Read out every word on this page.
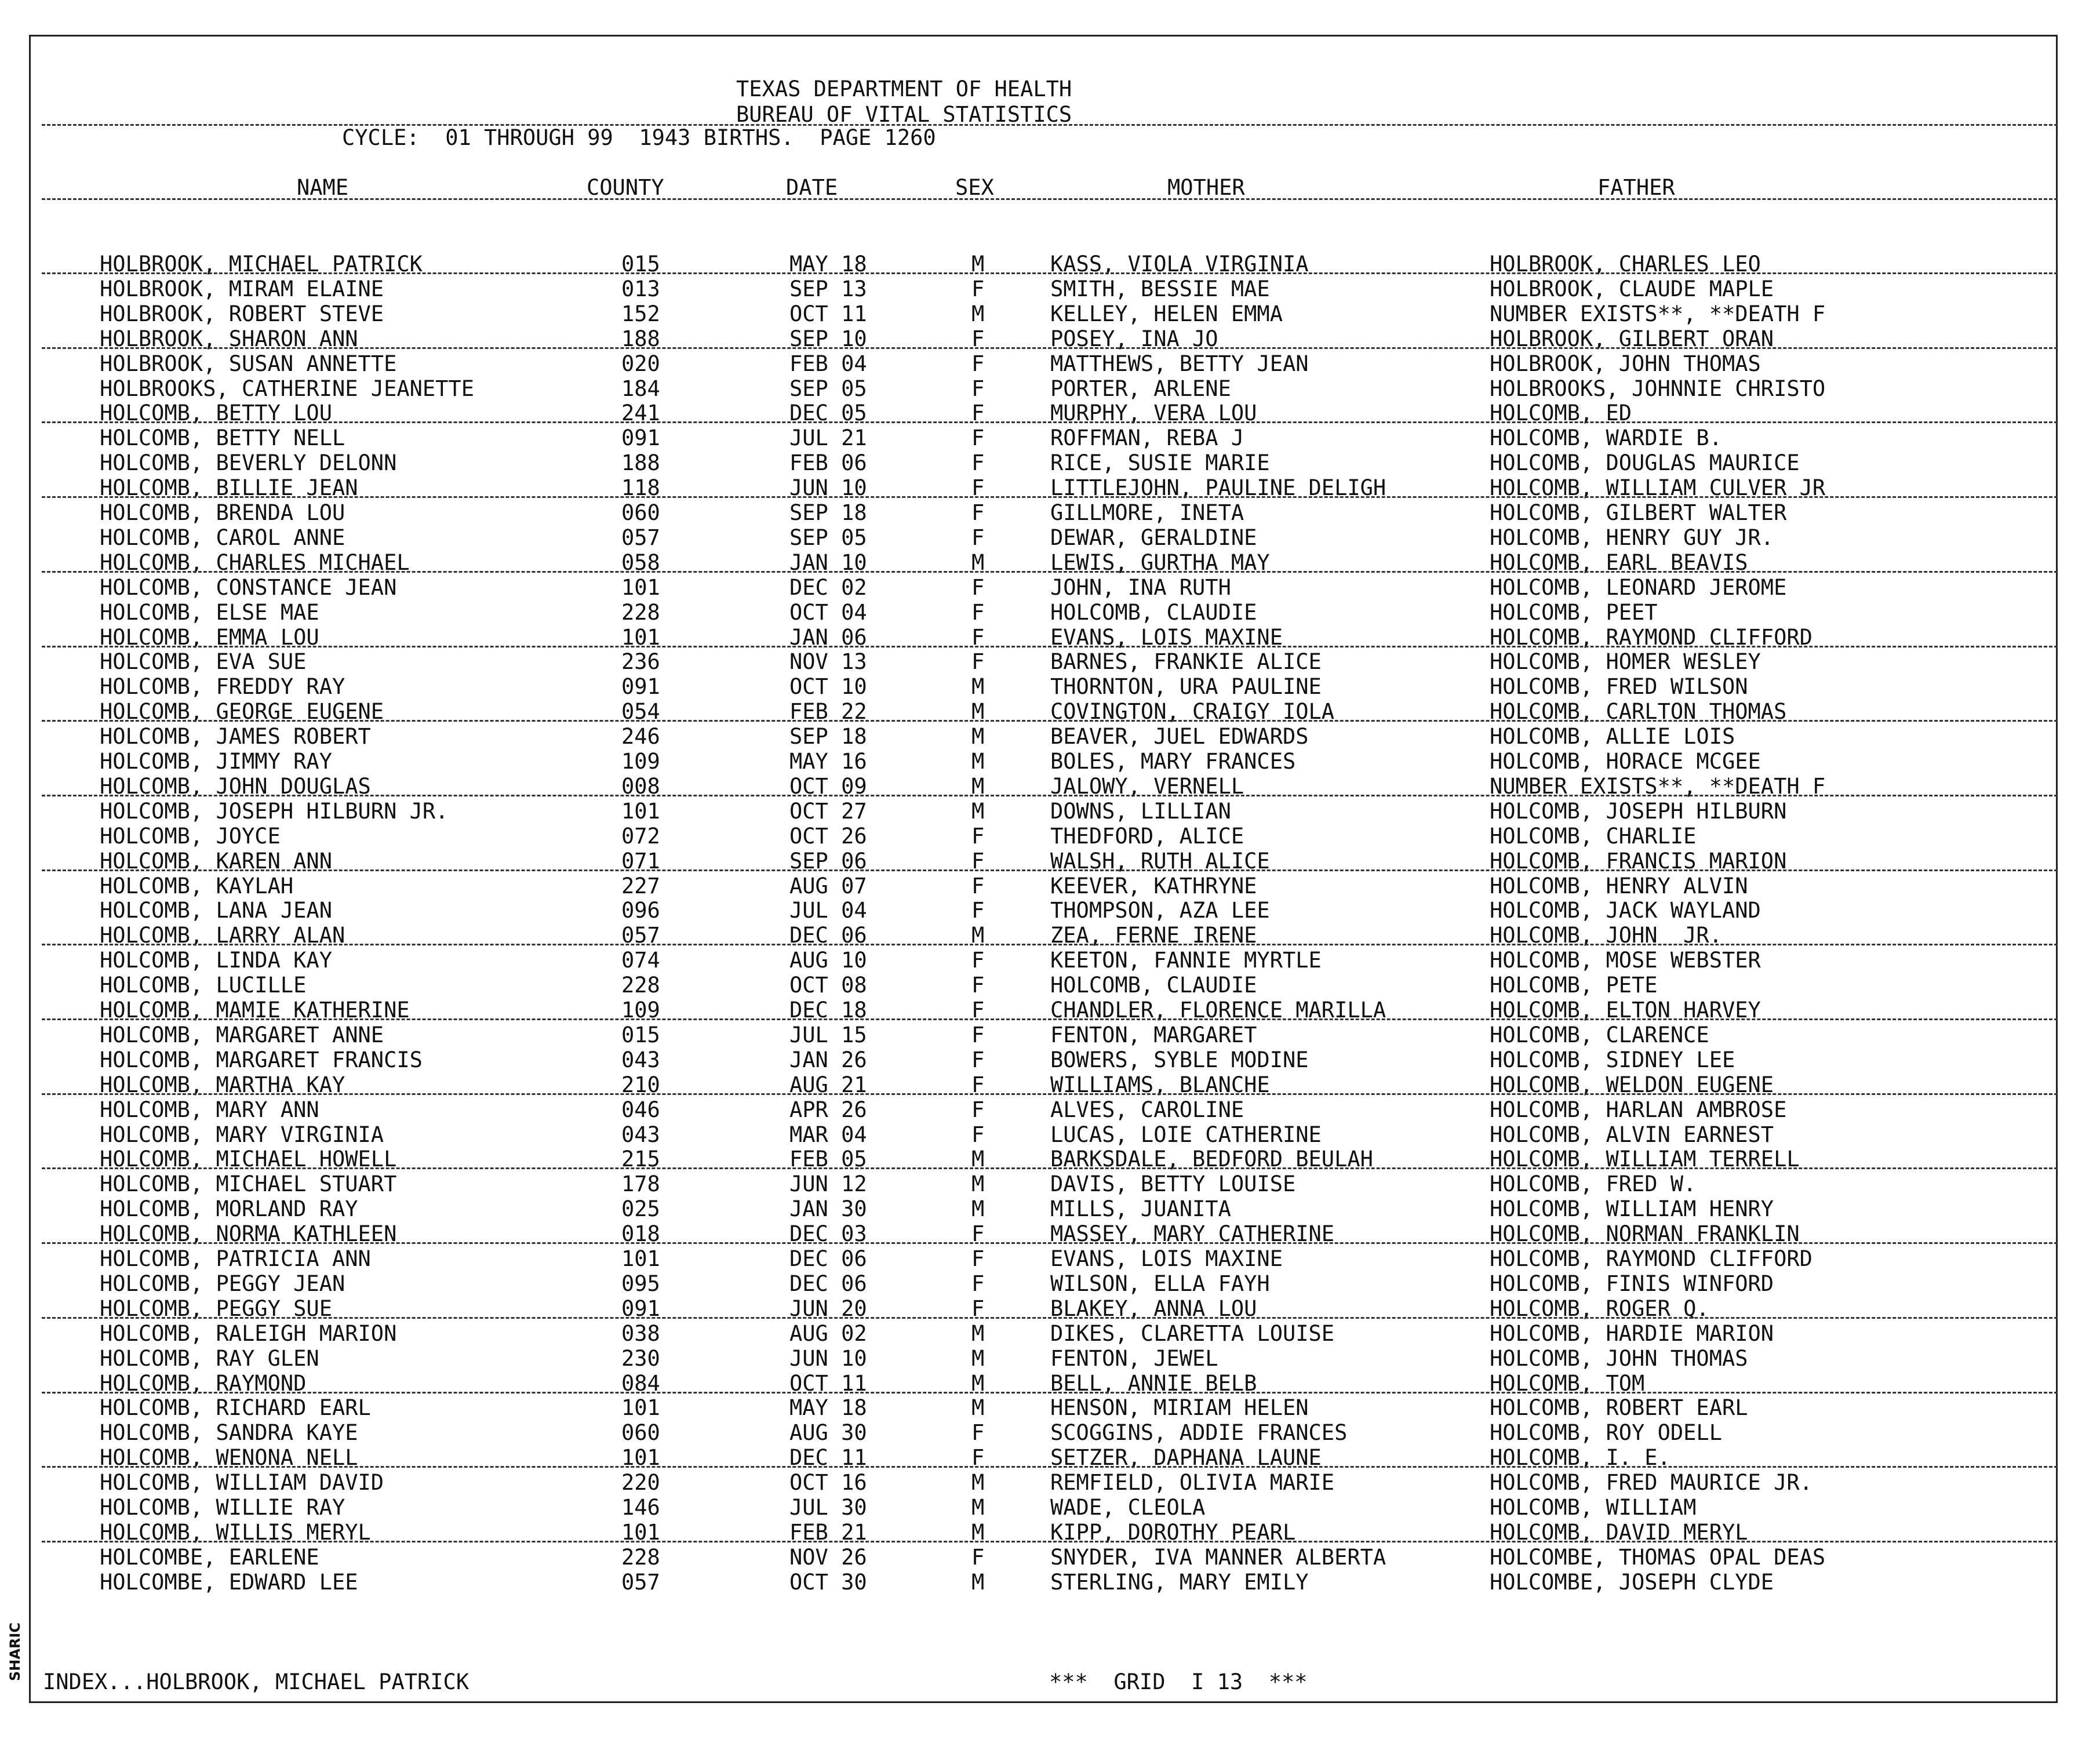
TEXAS DEPARTMENT OF HEALTH
BUREAU OF VITAL STATISTICS
CYCLE:  01 THROUGH 99  1943 BIRTHS.  PAGE 1260
NAME	COUNTY	DATE	SEX	MOTHER	FATHER
HOLBROOK, MICHAEL PATRICK	015	MAY 18	M	KASS, VIOLA VIRGINIA	HOLBROOK, CHARLES LEO
HOLBROOK, MIRAM ELAINE	013	SEP 13	F	SMITH, BESSIE MAE	HOLBROOK, CLAUDE MAPLE
HOLBROOK, ROBERT STEVE	152	OCT 11	M	KELLEY, HELEN EMMA	NUMBER EXISTS**, **DEATH F
HOLBROOK, SHARON ANN	188	SEP 10	F	POSEY, INA JO	HOLBROOK, GILBERT ORAN
HOLBROOK, SUSAN ANNETTE	020	FEB 04	F	MATTHEWS, BETTY JEAN	HOLBROOK, JOHN THOMAS
HOLBROOKS, CATHERINE JEANETTE	184	SEP 05	F	PORTER, ARLENE	HOLBROOKS, JOHNNIE CHRISTO
HOLCOMB, BETTY LOU	241	DEC 05	F	MURPHY, VERA LOU	HOLCOMB, ED
HOLCOMB, BETTY NELL	091	JUL 21	F	ROFFMAN, REBA J	HOLCOMB, WARDIE B.
HOLCOMB, BEVERLY DELONN	188	FEB 06	F	RICE, SUSIE MARIE	HOLCOMB, DOUGLAS MAURICE
HOLCOMB, BILLIE JEAN	118	JUN 10	F	LITTLEJOHN, PAULINE DELIGH	HOLCOMB, WILLIAM CULVER JR
HOLCOMB, BRENDA LOU	060	SEP 18	F	GILLMORE, INETA	HOLCOMB, GILBERT WALTER
HOLCOMB, CAROL ANNE	057	SEP 05	F	DEWAR, GERALDINE	HOLCOMB, HENRY GUY JR.
HOLCOMB, CHARLES MICHAEL	058	JAN 10	M	LEWIS, GURTHA MAY	HOLCOMB, EARL BEAVIS
HOLCOMB, CONSTANCE JEAN	101	DEC 02	F	JOHN, INA RUTH	HOLCOMB, LEONARD JEROME
HOLCOMB, ELSE MAE	228	OCT 04	F	HOLCOMB, CLAUDIE	HOLCOMB, PEET
HOLCOMB, EMMA LOU	101	JAN 06	F	EVANS, LOIS MAXINE	HOLCOMB, RAYMOND CLIFFORD
HOLCOMB, EVA SUE	236	NOV 13	F	BARNES, FRANKIE ALICE	HOLCOMB, HOMER WESLEY
HOLCOMB, FREDDY RAY	091	OCT 10	M	THORNTON, URA PAULINE	HOLCOMB, FRED WILSON
HOLCOMB, GEORGE EUGENE	054	FEB 22	M	COVINGTON, CRAIGY IOLA	HOLCOMB, CARLTON THOMAS
HOLCOMB, JAMES ROBERT	246	SEP 18	M	BEAVER, JUEL EDWARDS	HOLCOMB, ALLIE LOIS
HOLCOMB, JIMMY RAY	109	MAY 16	M	BOLES, MARY FRANCES	HOLCOMB, HORACE MCGEE
HOLCOMB, JOHN DOUGLAS	008	OCT 09	M	JALOWY, VERNELL	NUMBER EXISTS**, **DEATH F
HOLCOMB, JOSEPH HILBURN JR.	101	OCT 27	M	DOWNS, LILLIAN	HOLCOMB, JOSEPH HILBURN
HOLCOMB, JOYCE	072	OCT 26	F	THEDFORD, ALICE	HOLCOMB, CHARLIE
HOLCOMB, KAREN ANN	071	SEP 06	F	WALSH, RUTH ALICE	HOLCOMB, FRANCIS MARION
HOLCOMB, KAYLAH	227	AUG 07	F	KEEVER, KATHRYNE	HOLCOMB, HENRY ALVIN
HOLCOMB, LANA JEAN	096	JUL 04	F	THOMPSON, AZA LEE	HOLCOMB, JACK WAYLAND
HOLCOMB, LARRY ALAN	057	DEC 06	M	ZEA, FERNE IRENE	HOLCOMB, JOHN  JR.
HOLCOMB, LINDA KAY	074	AUG 10	F	KEETON, FANNIE MYRTLE	HOLCOMB, MOSE WEBSTER
HOLCOMB, LUCILLE	228	OCT 08	F	HOLCOMB, CLAUDIE	HOLCOMB, PETE
HOLCOMB, MAMIE KATHERINE	109	DEC 18	F	CHANDLER, FLORENCE MARILLA	HOLCOMB, ELTON HARVEY
HOLCOMB, MARGARET ANNE	015	JUL 15	F	FENTON, MARGARET	HOLCOMB, CLARENCE
HOLCOMB, MARGARET FRANCIS	043	JAN 26	F	BOWERS, SYBLE MODINE	HOLCOMB, SIDNEY LEE
HOLCOMB, MARTHA KAY	210	AUG 21	F	WILLIAMS, BLANCHE	HOLCOMB, WELDON EUGENE
HOLCOMB, MARY ANN	046	APR 26	F	ALVES, CAROLINE	HOLCOMB, HARLAN AMBROSE
HOLCOMB, MARY VIRGINIA	043	MAR 04	F	LUCAS, LOIE CATHERINE	HOLCOMB, ALVIN EARNEST
HOLCOMB, MICHAEL HOWELL	215	FEB 05	M	BARKSDALE, BEDFORD BEULAH	HOLCOMB, WILLIAM TERRELL
HOLCOMB, MICHAEL STUART	178	JUN 12	M	DAVIS, BETTY LOUISE	HOLCOMB, FRED W.
HOLCOMB, MORLAND RAY	025	JAN 30	M	MILLS, JUANITA	HOLCOMB, WILLIAM HENRY
HOLCOMB, NORMA KATHLEEN	018	DEC 03	F	MASSEY, MARY CATHERINE	HOLCOMB, NORMAN FRANKLIN
HOLCOMB, PATRICIA ANN	101	DEC 06	F	EVANS, LOIS MAXINE	HOLCOMB, RAYMOND CLIFFORD
HOLCOMB, PEGGY JEAN	095	DEC 06	F	WILSON, ELLA FAYH	HOLCOMB, FINIS WINFORD
HOLCOMB, PEGGY SUE	091	JUN 20	F	BLAKEY, ANNA LOU	HOLCOMB, ROGER Q.
HOLCOMB, RALEIGH MARION	038	AUG 02	M	DIKES, CLARETTA LOUISE	HOLCOMB, HARDIE MARION
HOLCOMB, RAY GLEN	230	JUN 10	M	FENTON, JEWEL	HOLCOMB, JOHN THOMAS
HOLCOMB, RAYMOND	084	OCT 11	M	BELL, ANNIE BELB	HOLCOMB, TOM
HOLCOMB, RICHARD EARL	101	MAY 18	M	HENSON, MIRIAM HELEN	HOLCOMB, ROBERT EARL
HOLCOMB, SANDRA KAYE	060	AUG 30	F	SCOGGINS, ADDIE FRANCES	HOLCOMB, ROY ODELL
HOLCOMB, WENONA NELL	101	DEC 11	F	SETZER, DAPHANA LAUNE	HOLCOMB, I. E.
HOLCOMB, WILLIAM DAVID	220	OCT 16	M	REMFIELD, OLIVIA MARIE	HOLCOMB, FRED MAURICE JR.
HOLCOMB, WILLIE RAY	146	JUL 30	M	WADE, CLEOLA	HOLCOMB, WILLIAM
HOLCOMB, WILLIS MERYL	101	FEB 21	M	KIPP, DOROTHY PEARL	HOLCOMB, DAVID MERYL
HOLCOMBE, EARLENE	228	NOV 26	F	SNYDER, IVA MANNER ALBERTA	HOLCOMBE, THOMAS OPAL DEAS
HOLCOMBE, EDWARD LEE	057	OCT 30	M	STERLING, MARY EMILY	HOLCOMBE, JOSEPH CLYDE
INDEX...HOLBROOK, MICHAEL PATRICK	***  GRID  I 13  ***
SHARIC
